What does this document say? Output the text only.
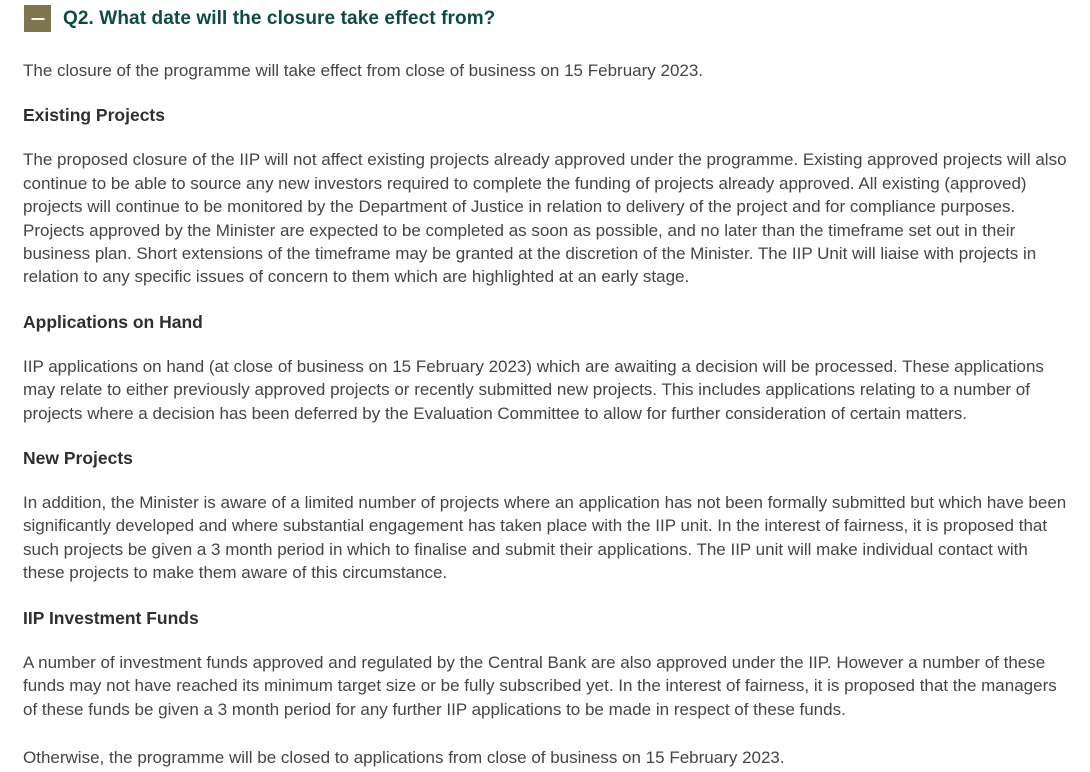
Q2. What date will the closure take effect from?

The closure of the programme will take effect from close of business on 15 February 2023.

Existing Projects

The proposed closure of the IIP will not affect existing projects already approved under the programme. Existing approved projects will also continue to be able to source any new investors required to complete the funding of projects already approved. All existing (approved) projects will continue to be monitored by the Department of Justice in relation to delivery of the project and for compliance purposes. Projects approved by the Minister are expected to be completed as soon as possible, and no later than the timeframe set out in their business plan. Short extensions of the timeframe may be granted at the discretion of the Minister. The IIP Unit will liaise with projects in relation to any specific issues of concern to them which are highlighted at an early stage.

Applications on Hand

IIP applications on hand (at close of business on 15 February 2023) which are awaiting a decision will be processed. These applications may relate to either previously approved projects or recently submitted new projects. This includes applications relating to a number of projects where a decision has been deferred by the Evaluation Committee to allow for further consideration of certain matters.

New Projects

In addition, the Minister is aware of a limited number of projects where an application has not been formally submitted but which have been significantly developed and where substantial engagement has taken place with the IIP unit. In the interest of fairness, it is proposed that such projects be given a 3 month period in which to finalise and submit their applications. The IIP unit will make individual contact with these projects to make them aware of this circumstance.

IIP Investment Funds

A number of investment funds approved and regulated by the Central Bank are also approved under the IIP. However a number of these funds may not have reached its minimum target size or be fully subscribed yet. In the interest of fairness, it is proposed that the managers of these funds be given a 3 month period for any further IIP applications to be made in respect of these funds.

Otherwise, the programme will be closed to applications from close of business on 15 February 2023.
